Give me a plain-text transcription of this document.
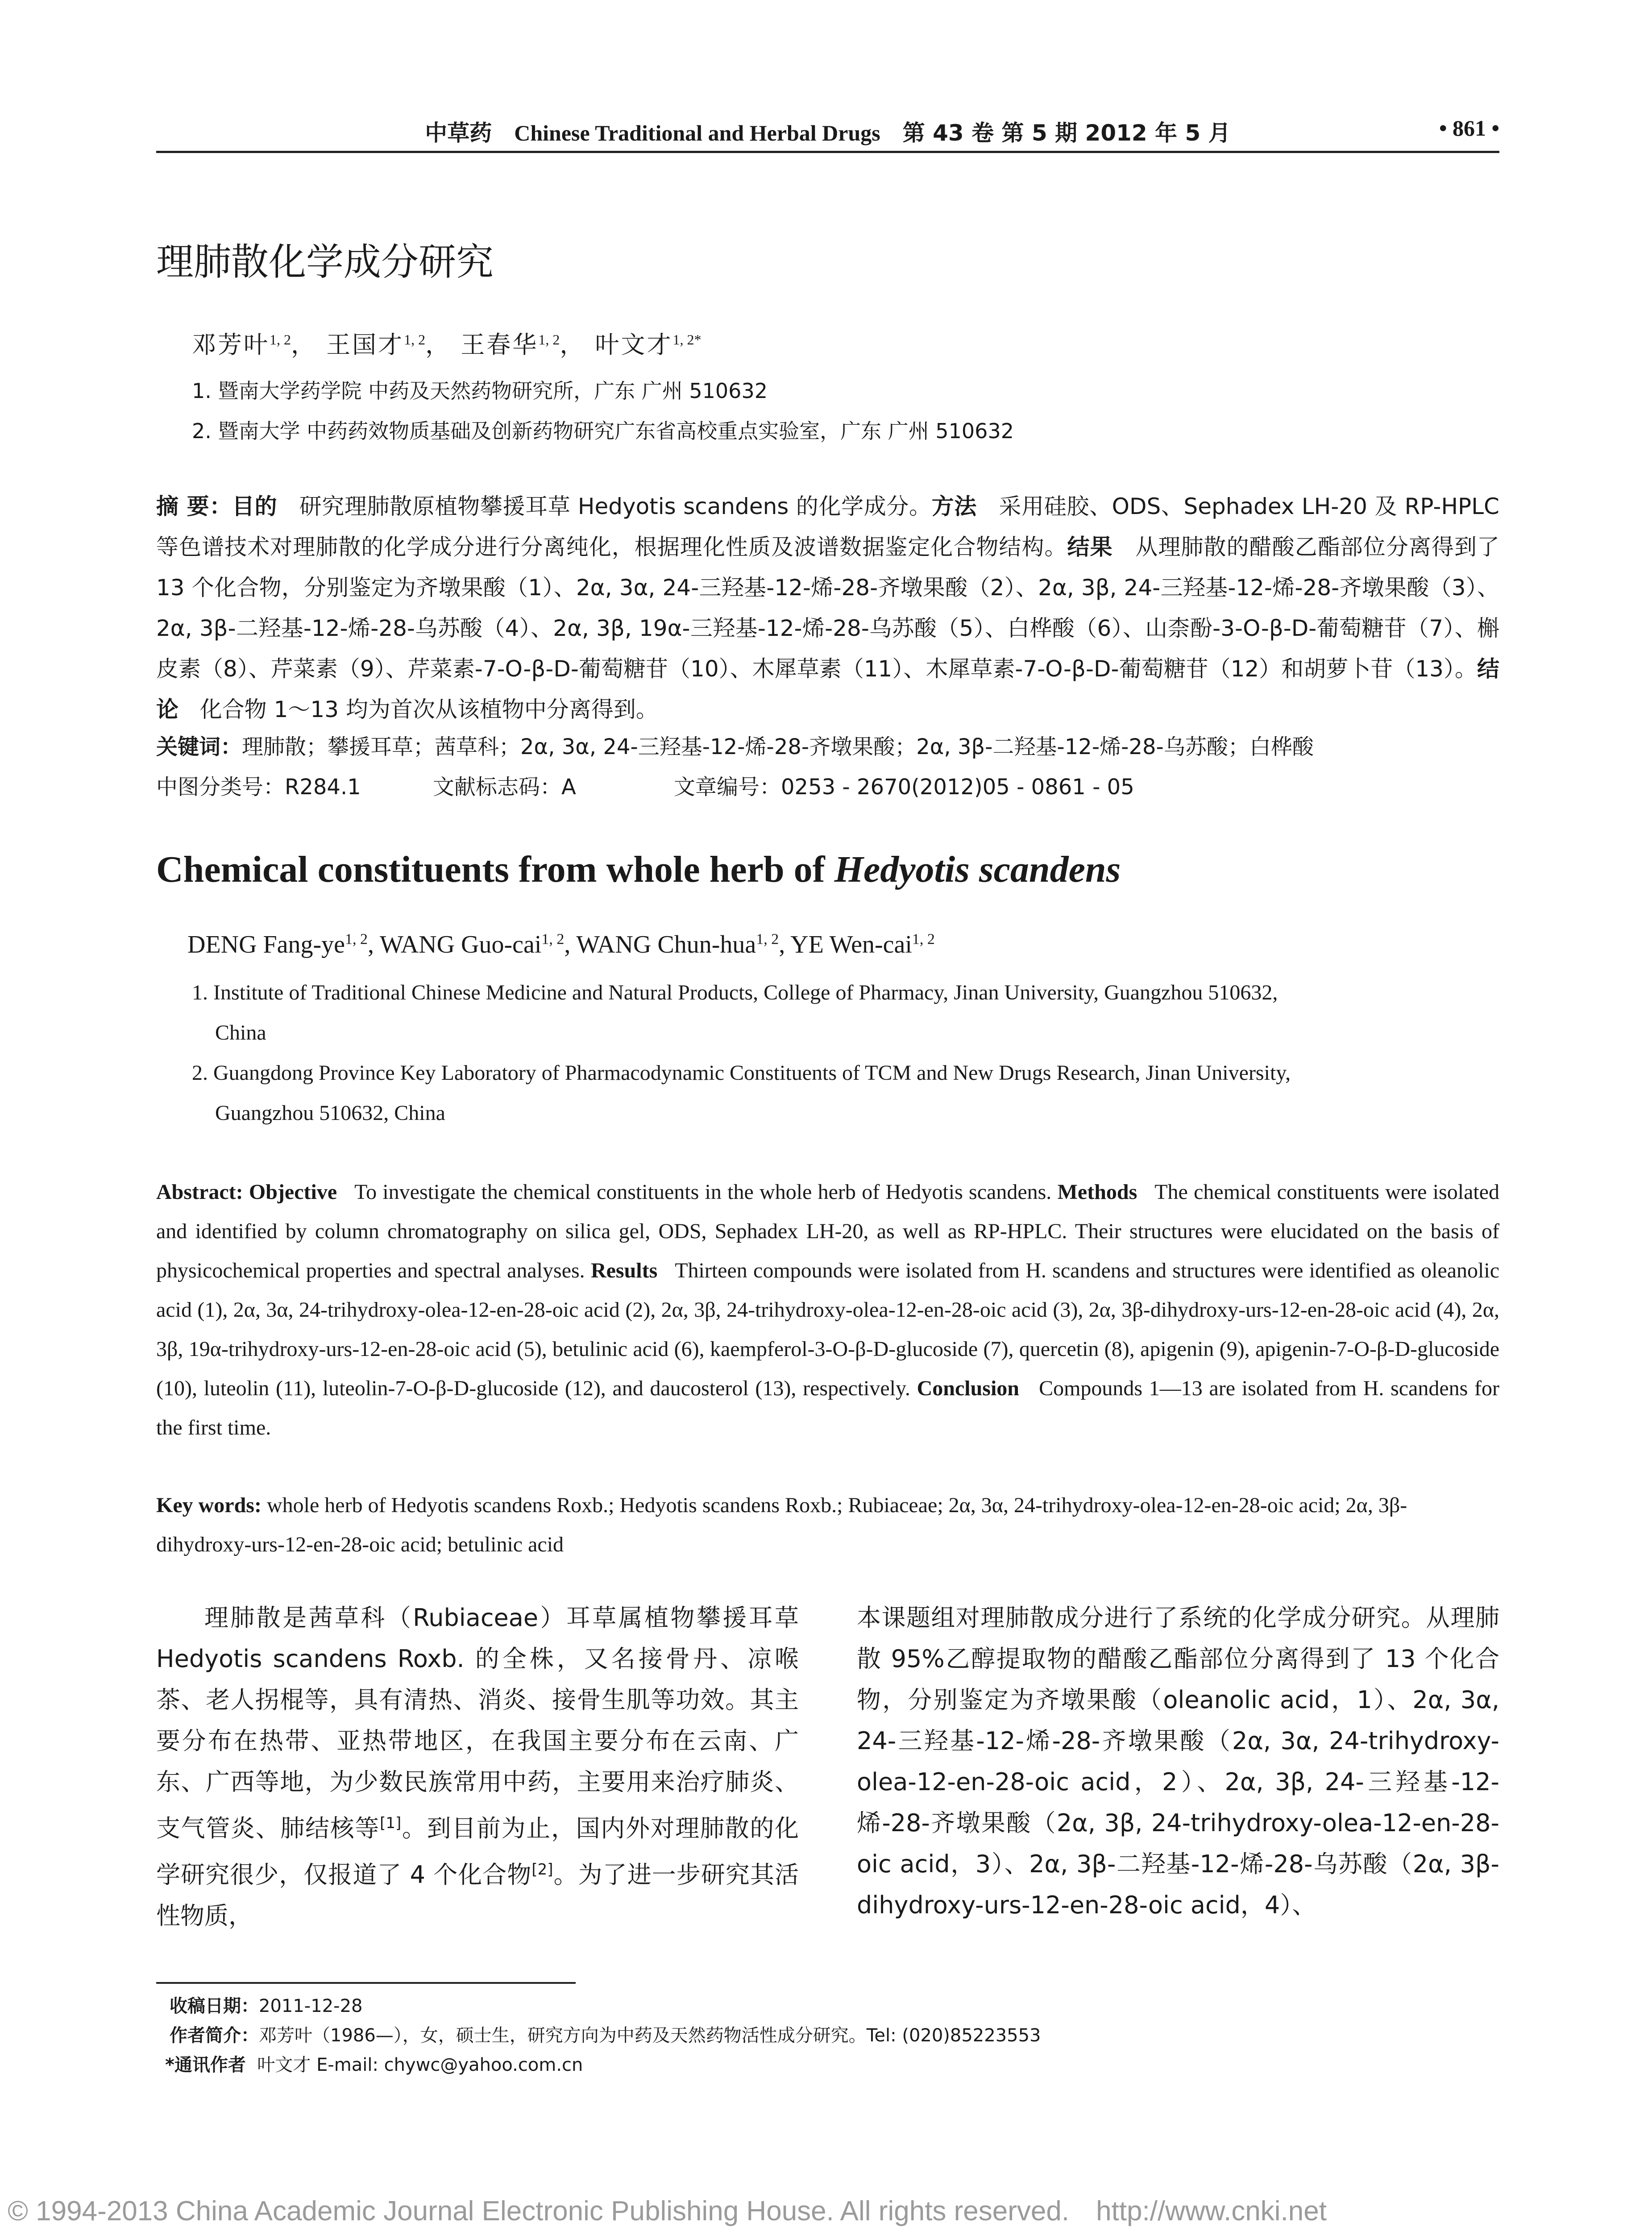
中草药 Chinese Traditional and Herbal Drugs 第 43 卷 第 5 期 2012 年 5 月	• 861 •
理肺散化学成分研究
邓芳叶$^{1, 2}$， 王国才$^{1, 2}$， 王春华$^{1, 2}$， 叶文才$^{1, 2*}$
1. 暨南大学药学院 中药及天然药物研究所，广东 广州 510632
2. 暨南大学 中药药效物质基础及创新药物研究广东省高校重点实验室，广东 广州 510632
摘 要：目的 研究理肺散原植物攀援耳草 Hedyotis scandens 的化学成分。方法 采用硅胶、ODS、Sephadex LH-20 及 RP-HPLC 等色谱技术对理肺散的化学成分进行分离纯化，根据理化性质及波谱数据鉴定化合物结构。结果 从理肺散的醋酸乙酯部位分离得到了 13 个化合物，分别鉴定为齐墩果酸（1）、2α, 3α, 24-三羟基-12-烯-28-齐墩果酸（2）、2α, 3β, 24-三羟基-12-烯-28-齐墩果酸（3）、2α, 3β-二羟基-12-烯-28-乌苏酸（4）、2α, 3β, 19α-三羟基-12-烯-28-乌苏酸（5）、白桦酸（6）、山柰酚-3-O-β-D-葡萄糖苷（7）、槲皮素（8）、芹菜素（9）、芹菜素-7-O-β-D-葡萄糖苷（10）、木犀草素（11）、木犀草素-7-O-β-D-葡萄糖苷（12）和胡萝卜苷（13）。结论 化合物 1～13 均为首次从该植物中分离得到。
关键词：理肺散；攀援耳草；茜草科；2α, 3α, 24-三羟基-12-烯-28-齐墩果酸；2α, 3β-二羟基-12-烯-28-乌苏酸；白桦酸
中图分类号：R284.1	文献标志码：A	文章编号：0253 - 2670(2012)05 - 0861 - 05
Chemical constituents from whole herb of Hedyotis scandens
DENG Fang-ye$^{1, 2}$, WANG Guo-cai$^{1, 2}$, WANG Chun-hua$^{1, 2}$, YE Wen-cai$^{1, 2}$
1. Institute of Traditional Chinese Medicine and Natural Products, College of Pharmacy, Jinan University, Guangzhou 510632,
China
2. Guangdong Province Key Laboratory of Pharmacodynamic Constituents of TCM and New Drugs Research, Jinan University,
Guangzhou 510632, China
Abstract: Objective To investigate the chemical constituents in the whole herb of Hedyotis scandens. Methods The chemical constituents were isolated and identified by column chromatography on silica gel, ODS, Sephadex LH-20, as well as RP-HPLC. Their structures were elucidated on the basis of physicochemical properties and spectral analyses. Results Thirteen compounds were isolated from H. scandens and structures were identified as oleanolic acid (1), 2α, 3α, 24-trihydroxy-olea-12-en-28-oic acid (2), 2α, 3β, 24-trihydroxy-olea-12-en-28-oic acid (3), 2α, 3β-dihydroxy-urs-12-en-28-oic acid (4), 2α, 3β, 19α-trihydroxy-urs-12-en-28-oic acid (5), betulinic acid (6), kaempferol-3-O-β-D-glucoside (7), quercetin (8), apigenin (9), apigenin-7-O-β-D-glucoside (10), luteolin (11), luteolin-7-O-β-D-glucoside (12), and daucosterol (13), respectively. Conclusion Compounds 1—13 are isolated from H. scandens for the first time.
Key words: whole herb of Hedyotis scandens Roxb.; Hedyotis scandens Roxb.; Rubiaceae; 2α, 3α, 24-trihydroxy-olea-12-en-28-oic acid; 2α, 3β-dihydroxy-urs-12-en-28-oic acid; betulinic acid

理肺散是茜草科（Rubiaceae）耳草属植物攀援耳草 Hedyotis scandens Roxb. 的全株，又名接骨丹、凉喉茶、老人拐棍等，具有清热、消炎、接骨生肌等功效。其主要分布在热带、亚热带地区，在我国主要分布在云南、广东、广西等地，为少数民族常用中药，主要用来治疗肺炎、支气管炎、肺结核等[1]。到目前为止，国内外对理肺散的化学研究很少，仅报道了 4 个化合物[2]。为了进一步研究其活性物质，

本课题组对理肺散成分进行了系统的化学成分研究。从理肺散 95%乙醇提取物的醋酸乙酯部位分离得到了 13 个化合物，分别鉴定为齐墩果酸（oleanolic acid，1）、2α, 3α, 24-三羟基-12-烯-28-齐墩果酸（2α, 3α, 24-trihydroxy-olea-12-en-28-oic acid，2）、2α, 3β, 24-三羟基-12-烯-28-齐墩果酸（2α, 3β, 24-trihydroxy-olea-12-en-28-oic acid，3）、2α, 3β-二羟基-12-烯-28-乌苏酸（2α, 3β-dihydroxy-urs-12-en-28-oic acid，4）、

收稿日期：2011-12-28
作者简介：邓芳叶（1986—），女，硕士生，研究方向为中药及天然药物活性成分研究。Tel: (020)85223553
*通讯作者 叶文才 E-mail: chywc@yahoo.com.cn
© 1994-2013 China Academic Journal Electronic Publishing House. All rights reserved. http://www.cnki.net
